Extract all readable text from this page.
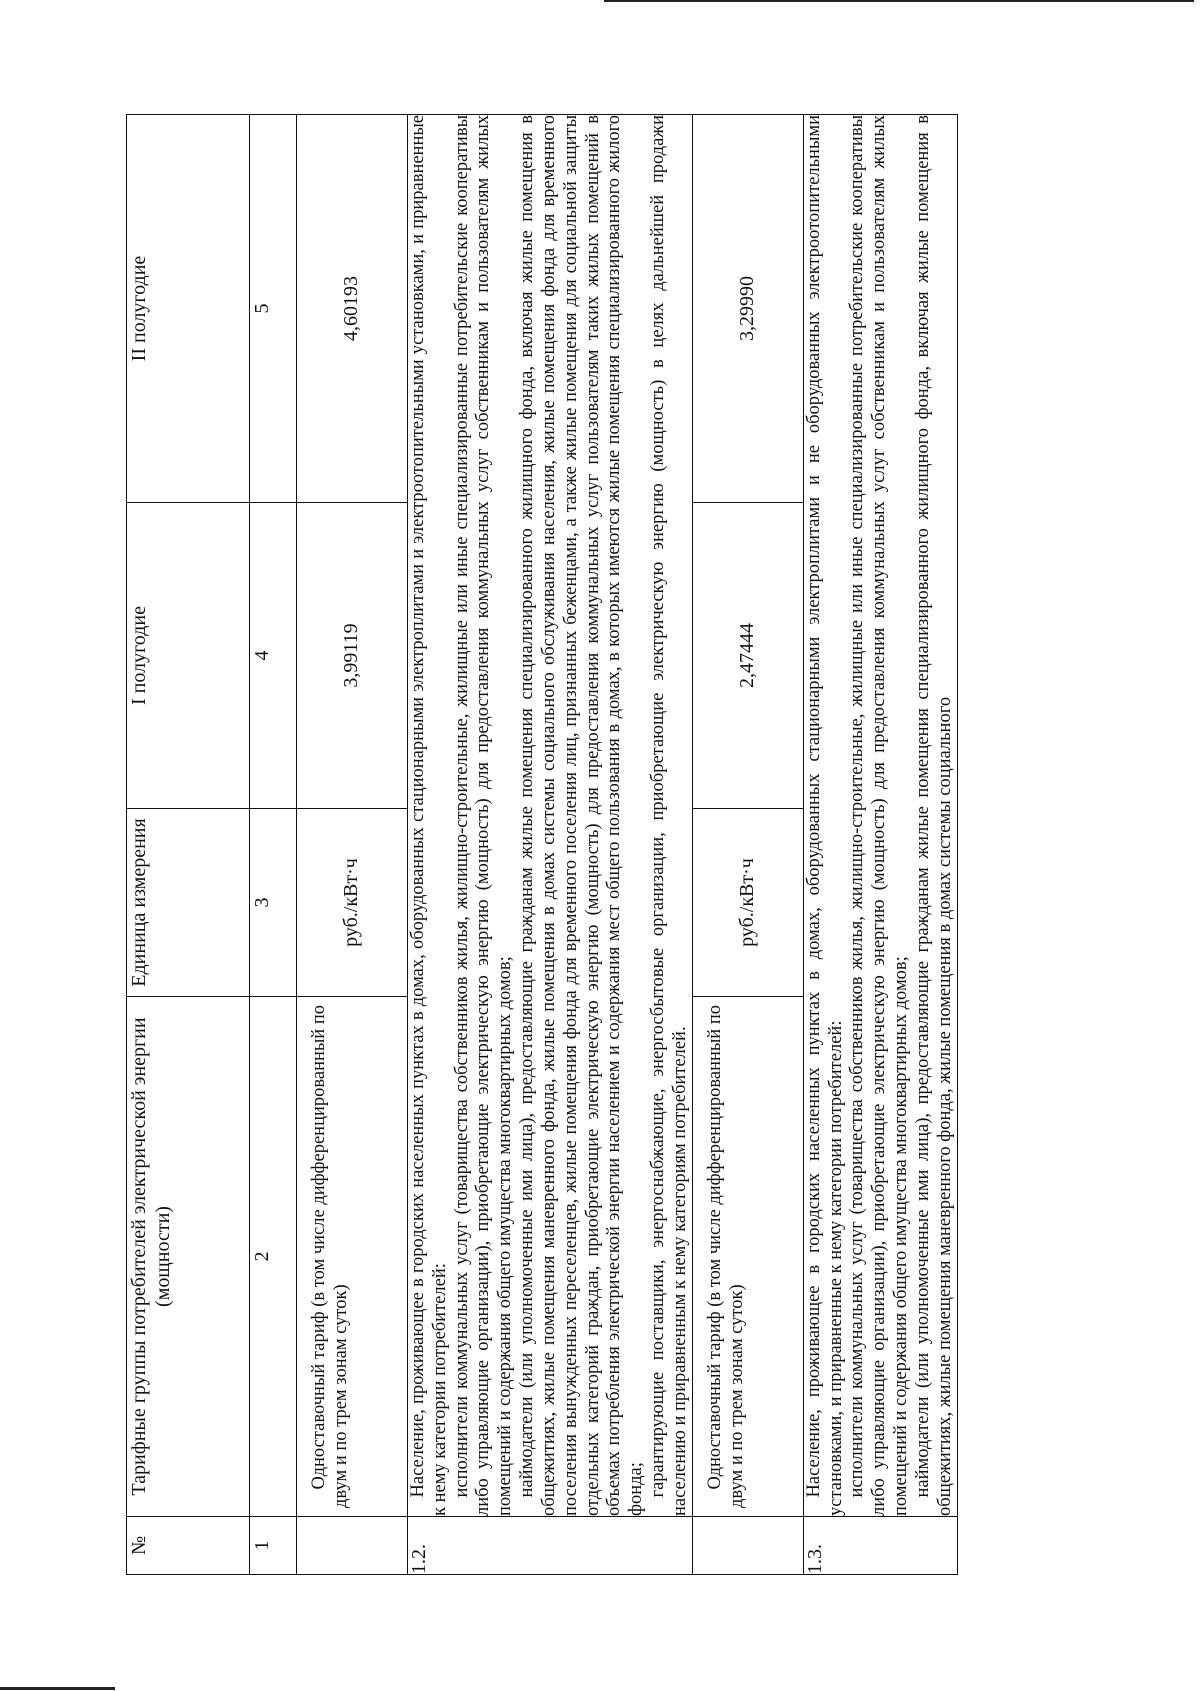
№	Тарифные группы потребителей электрической энергии (мощности)	Единица измерения	I полугодие	II полугодие
1	2	3	4	5

	Одноставочный тариф (в том числе дифференцированный по двум и по трем зонам суток)	руб./кВт·ч	3,99119	4,60193
1.2.	Население, проживающее в городских населенных пунктах в домах, оборудованных стационарными электроплитами и электроотопительными установками, и приравненные к нему категории потребителей: исполнители коммунальных услуг (товарищества собственников жилья, жилищно-строительные, жилищные или иные специализированные потребительские кооперативы либо управляющие организации), приобретающие электрическую энергию (мощность) для предоставления коммунальных услуг собственникам и пользователям жилых помещений и содержания общего имущества многоквартирных домов; наймодатели (или уполномоченные ими лица), предоставляющие гражданам жилые помещения специализированного жилищного фонда, включая жилые помещения в общежитиях, жилые помещения маневренного фонда, жилые помещения в домах системы социального обслуживания населения, жилые помещения фонда для временного поселения вынужденных переселенцев, жилые помещения фонда для временного поселения лиц, признанных беженцами, а также жилые помещения для социальной защиты отдельных категорий граждан, приобретающие электрическую энергию (мощность) для предоставления коммунальных услуг пользователям таких жилых помещений в объемах потребления электрической энергии населением и содержания мест общего пользования в домах, в которых имеются жилые помещения специализированного жилого фонда; гарантирующие поставщики, энергоснабжающие, энергосбытовые организации, приобретающие электрическую энергию (мощность) в целях дальнейшей продажи населению и приравненным к нему категориям потребителей.			

	Одноставочный тариф (в том числе дифференцированный по двум и по трем зонам суток)	руб./кВт·ч	2,47444	3,29990
1.3.	Население, проживающее в городских населенных пунктах в домах, оборудованных стационарными электроплитами и не оборудованных электроотопительными установками, и приравненные к нему категории потребителей: исполнители коммунальных услуг (товарищества собственников жилья, жилищно-строительные, жилищные или иные специализированные потребительские кооперативы либо управляющие организации), приобретающие электрическую энергию (мощность) для предоставления коммунальных услуг собственникам и пользователям жилых помещений и содержания общего имущества многоквартирных домов; наймодатели (или уполномоченные ими лица), предоставляющие гражданам жилые помещения специализированного жилищного фонда, включая жилые помещения в общежитиях, жилые помещения маневренного фонда, жилые помещения в домах системы социального			
